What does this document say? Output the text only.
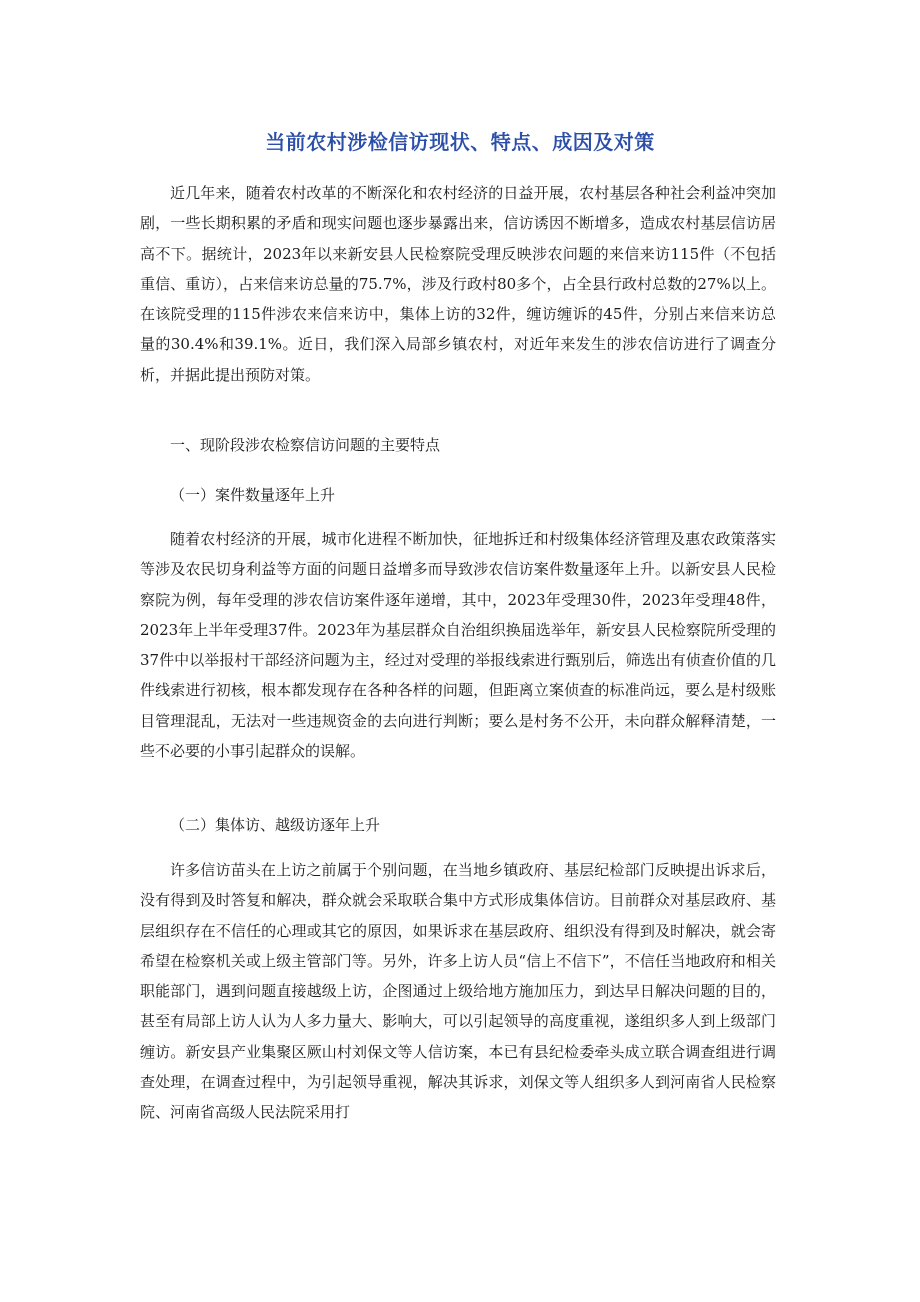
当前农村涉检信访现状、特点、成因及对策

近几年来，随着农村改革的不断深化和农村经济的日益开展，农村基层各种社会利益冲突加剧，一些长期积累的矛盾和现实问题也逐步暴露出来，信访诱因不断增多，造成农村基层信访居高不下。据统计，2023年以来新安县人民检察院受理反映涉农问题的来信来访115件（不包括重信、重访），占来信来访总量的75.7%，涉及行政村80多个，占全县行政村总数的27%以上。在该院受理的115件涉农来信来访中，集体上访的32件，缠访缠诉的45件，分别占来信来访总量的30.4%和39.1%。近日，我们深入局部乡镇农村，对近年来发生的涉农信访进行了调查分析，并据此提出预防对策。

一、现阶段涉农检察信访问题的主要特点

（一）案件数量逐年上升

随着农村经济的开展，城市化进程不断加快，征地拆迁和村级集体经济管理及惠农政策落实等涉及农民切身利益等方面的问题日益增多而导致涉农信访案件数量逐年上升。以新安县人民检察院为例，每年受理的涉农信访案件逐年递增，其中，2023年受理30件，2023年受理48件，2023年上半年受理37件。2023年为基层群众自治组织换届选举年，新安县人民检察院所受理的37件中以举报村干部经济问题为主，经过对受理的举报线索进行甄别后，筛选出有侦查价值的几件线索进行初核，根本都发现存在各种各样的问题，但距离立案侦查的标准尚远，要么是村级账目管理混乱，无法对一些违规资金的去向进行判断；要么是村务不公开，未向群众解释清楚，一些不必要的小事引起群众的误解。

（二）集体访、越级访逐年上升

许多信访苗头在上访之前属于个别问题，在当地乡镇政府、基层纪检部门反映提出诉求后，没有得到及时答复和解决，群众就会采取联合集中方式形成集体信访。目前群众对基层政府、基层组织存在不信任的心理或其它的原因，如果诉求在基层政府、组织没有得到及时解决，就会寄希望在检察机关或上级主管部门等。另外，许多上访人员“信上不信下”，不信任当地政府和相关职能部门，遇到问题直接越级上访，企图通过上级给地方施加压力，到达早日解决问题的目的，甚至有局部上访人认为人多力量大、影响大，可以引起领导的高度重视，遂组织多人到上级部门缠访。新安县产业集聚区厥山村刘保文等人信访案，本已有县纪检委牵头成立联合调查组进行调查处理，在调查过程中，为引起领导重视，解决其诉求，刘保文等人组织多人到河南省人民检察院、河南省高级人民法院采用打
